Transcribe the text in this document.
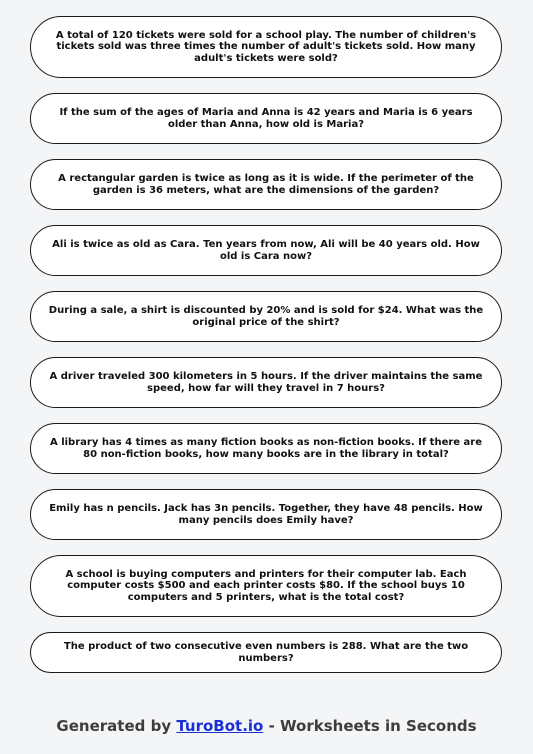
A total of 120 tickets were sold for a school play. The number of children's tickets sold was three times the number of adult's tickets sold. How many adult's tickets were sold?
If the sum of the ages of Maria and Anna is 42 years and Maria is 6 years older than Anna, how old is Maria?
A rectangular garden is twice as long as it is wide. If the perimeter of the garden is 36 meters, what are the dimensions of the garden?
Ali is twice as old as Cara. Ten years from now, Ali will be 40 years old. How old is Cara now?
During a sale, a shirt is discounted by 20% and is sold for $24. What was the original price of the shirt?
A driver traveled 300 kilometers in 5 hours. If the driver maintains the same speed, how far will they travel in 7 hours?
A library has 4 times as many fiction books as non-fiction books. If there are 80 non-fiction books, how many books are in the library in total?
Emily has n pencils. Jack has 3n pencils. Together, they have 48 pencils. How many pencils does Emily have?
A school is buying computers and printers for their computer lab. Each computer costs $500 and each printer costs $80. If the school buys 10 computers and 5 printers, what is the total cost?
The product of two consecutive even numbers is 288. What are the two numbers?
Generated by TuroBot.io - Worksheets in Seconds
